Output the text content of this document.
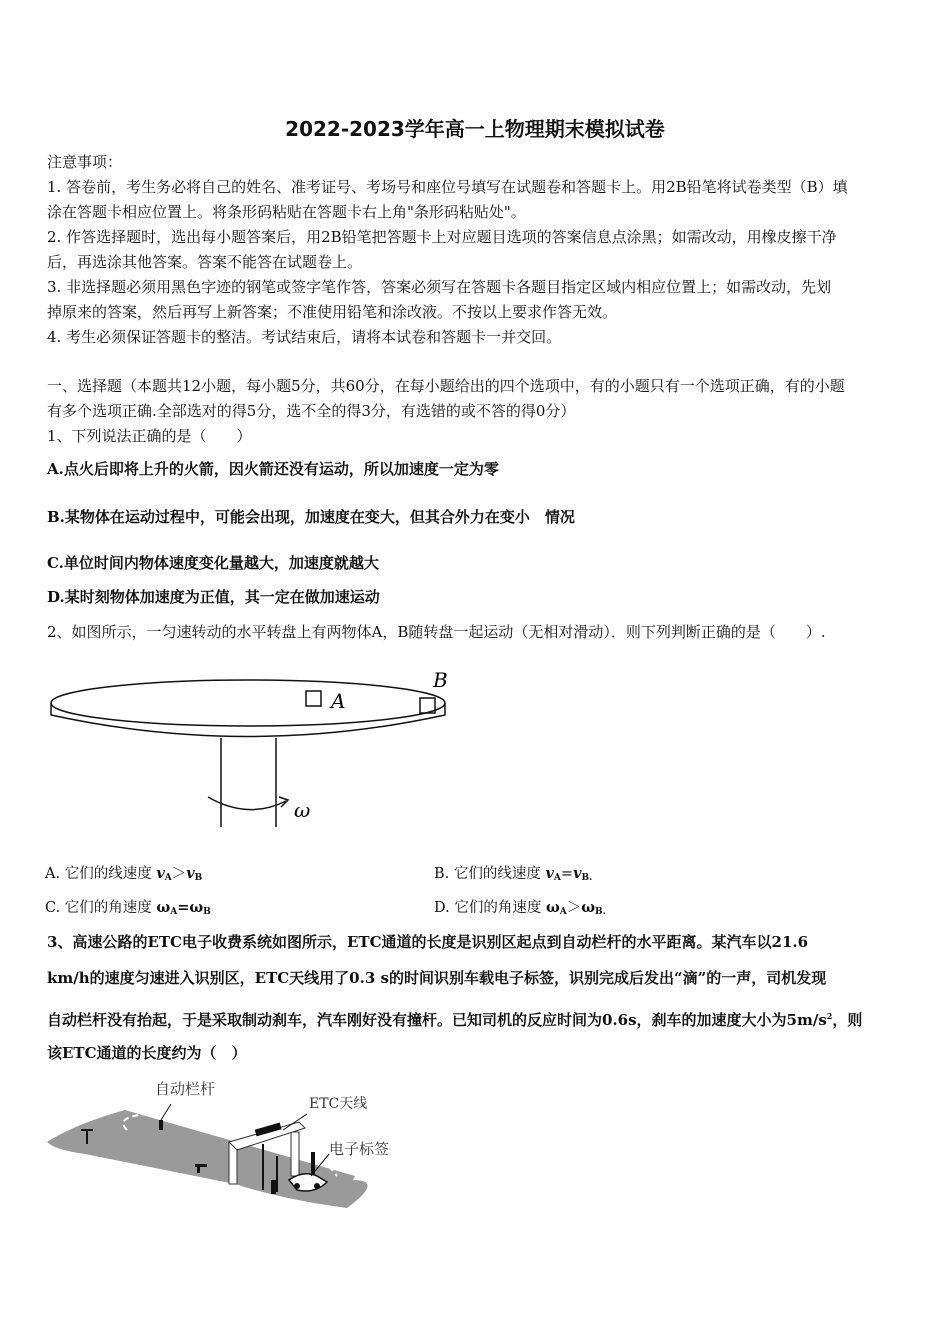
2022-2023学年高一上物理期末模拟试卷
注意事项：
1. 答卷前，考生务必将自己的姓名、准考证号、考场号和座位号填写在试题卷和答题卡上。用2B铅笔将试卷类型（B）填
涂在答题卡相应位置上。将条形码粘贴在答题卡右上角"条形码粘贴处"。
2. 作答选择题时，选出每小题答案后，用2B铅笔把答题卡上对应题目选项的答案信息点涂黑；如需改动，用橡皮擦干净
后，再选涂其他答案。答案不能答在试题卷上。
3. 非选择题必须用黑色字迹的钢笔或签字笔作答，答案必须写在答题卡各题目指定区域内相应位置上；如需改动，先划
掉原来的答案，然后再写上新答案；不准使用铅笔和涂改液。不按以上要求作答无效。
4. 考生必须保证答题卡的整洁。考试结束后，请将本试卷和答题卡一并交回。
一、选择题（本题共12小题，每小题5分，共60分，在每小题给出的四个选项中，有的小题只有一个选项正确，有的小题
有多个选项正确.全部选对的得5分，选不全的得3分，有选错的或不答的得0分）
1、下列说法正确的是（　　）
A.点火后即将上升的火箭，因火箭还没有运动，所以加速度一定为零
B.某物体在运动过程中，可能会出现，加速度在变大，但其合外力在变小　情况
C.单位时间内物体速度变化量越大，加速度就越大
D.某时刻物体加速度为正值，其一定在做加速运动
2、如图所示，一匀速转动的水平转盘上有两物体A，B随转盘一起运动（无相对滑动）．则下列判断正确的是（　　）.
A
B
ω
A. 它们的线速度 $v_A>v_B$	B. 它们的线速度 $v_A=v_{B.}$
C. 它们的角速度 $\omega_A=\omega_B$	D. 它们的角速度 $\omega_A>\omega_{B.}$
3、高速公路的ETC电子收费系统如图所示，ETC通道的长度是识别区起点到自动栏杆的水平距离。某汽车以21.6
km/h的速度匀速进入识别区，ETC天线用了0.3 s的时间识别车载电子标签，识别完成后发出“滴”的一声，司机发现
自动栏杆没有抬起，于是采取制动刹车，汽车刚好没有撞杆。已知司机的反应时间为0.6s，刹车的加速度大小为$5m/s^2$，则
该ETC通道的长度约为（　）
自动栏杆
ETC天线
电子标签
